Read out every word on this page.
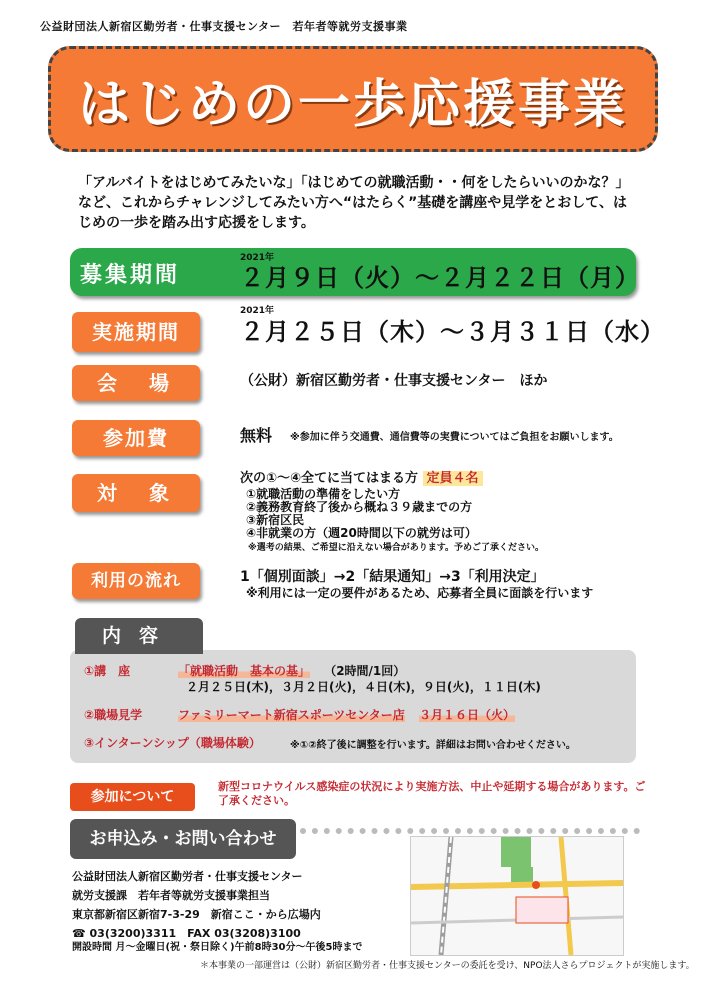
公益財団法人新宿区勤労者・仕事支援センター　若年者等就労支援事業
はじめの一歩応援事業
「アルバイトをはじめてみたいな」「はじめての就職活動・・何をしたらいいのかな？」など、これからチャレンジしてみたい方へ“はたらく”基礎を講座や見学をとおして、はじめの一歩を踏み出す応援をします。
募集期間
2021年
２月９日（火）～２月２２日（月）
実施期間
2021年
２月２５日（木）～３月３１日（水）
会　場	（公財）新宿区勤労者・仕事支援センター　ほか
参加費	無料 ※参加に伴う交通費、通信費等の実費についてはご負担をお願いします。
対　象
次の①～④全てに当てはまる方 定員４名
①就職活動の準備をしたい方
②義務教育終了後から概ね３９歳までの方
③新宿区民
④非就業の方（週20時間以下の就労は可）
※選考の結果、ご希望に沿えない場合があります。予めご了承ください。
利用の流れ	1「個別面談」→2「結果通知」→3「利用決定」
※利用には一定の要件があるため、応募者全員に面談を行います
内容
①講　座	「就職活動　基本の基」 （2時間/1回）
２月２５日(木)，３月２日(火)，４日(木)，９日(火)，１１日(木)
②職場見学	ファミリーマート新宿スポーツセンター店 ３月１６日（火）
③インターンシップ（職場体験）	※①②終了後に調整を行います。詳細はお問い合わせください。
参加について
新型コロナウイルス感染症の状況により実施方法、中止や延期する場合があります。ご了承ください。
お申込み・お問い合わせ
公益財団法人新宿区勤労者・仕事支援センター
就労支援課　若年者等就労支援事業担当
東京都新宿区新宿7-3-29　新宿ここ・から広場内
☎ 03(3200)3311　FAX 03(3208)3100
開設時間 月～金曜日(祝・祭日除く)午前8時30分～午後5時まで
＊本事業の一部運営は（公財）新宿区勤労者・仕事支援センターの委託を受け、NPO法人さらプロジェクトが実施します。
